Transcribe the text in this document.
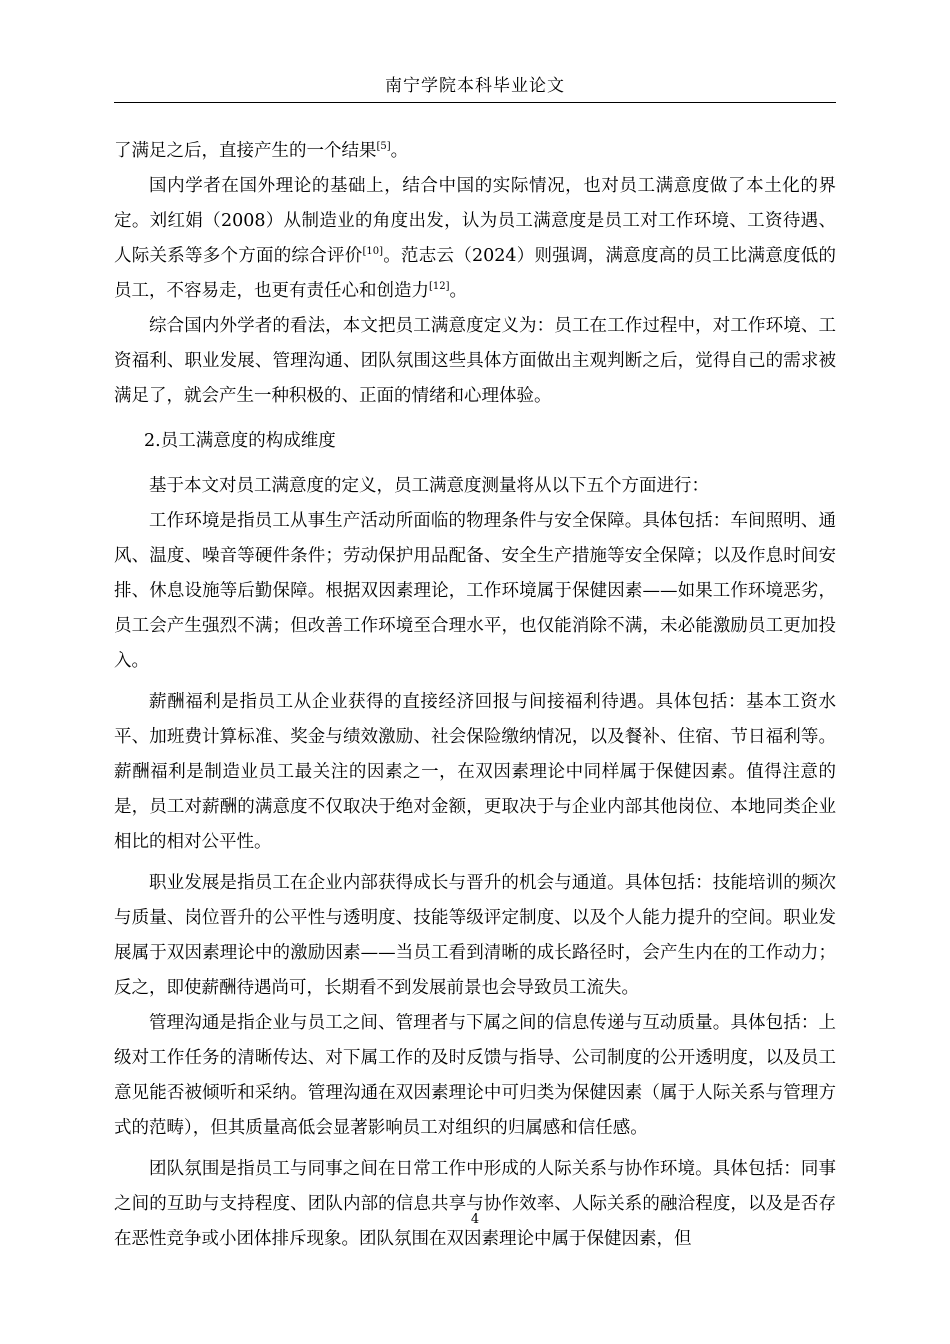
南宁学院本科毕业论文

了满足之后，直接产生的一个结果[5]。

国内学者在国外理论的基础上，结合中国的实际情况，也对员工满意度做了本土化的界定。刘红娟（2008）从制造业的角度出发，认为员工满意度是员工对工作环境、工资待遇、人际关系等多个方面的综合评价[10]。范志云（2024）则强调，满意度高的员工比满意度低的员工，不容易走，也更有责任心和创造力[12]。

综合国内外学者的看法，本文把员工满意度定义为：员工在工作过程中，对工作环境、工资福利、职业发展、管理沟通、团队氛围这些具体方面做出主观判断之后，觉得自己的需求被满足了，就会产生一种积极的、正面的情绪和心理体验。

2.员工满意度的构成维度

基于本文对员工满意度的定义，员工满意度测量将从以下五个方面进行：

工作环境是指员工从事生产活动所面临的物理条件与安全保障。具体包括：车间照明、通风、温度、噪音等硬件条件；劳动保护用品配备、安全生产措施等安全保障；以及作息时间安排、休息设施等后勤保障。根据双因素理论，工作环境属于保健因素——如果工作环境恶劣，员工会产生强烈不满；但改善工作环境至合理水平，也仅能消除不满，未必能激励员工更加投入。

薪酬福利是指员工从企业获得的直接经济回报与间接福利待遇。具体包括：基本工资水平、加班费计算标准、奖金与绩效激励、社会保险缴纳情况，以及餐补、住宿、节日福利等。薪酬福利是制造业员工最关注的因素之一，在双因素理论中同样属于保健因素。值得注意的是，员工对薪酬的满意度不仅取决于绝对金额，更取决于与企业内部其他岗位、本地同类企业相比的相对公平性。

职业发展是指员工在企业内部获得成长与晋升的机会与通道。具体包括：技能培训的频次与质量、岗位晋升的公平性与透明度、技能等级评定制度、以及个人能力提升的空间。职业发展属于双因素理论中的激励因素——当员工看到清晰的成长路径时，会产生内在的工作动力；反之，即使薪酬待遇尚可，长期看不到发展前景也会导致员工流失。

管理沟通是指企业与员工之间、管理者与下属之间的信息传递与互动质量。具体包括：上级对工作任务的清晰传达、对下属工作的及时反馈与指导、公司制度的公开透明度，以及员工意见能否被倾听和采纳。管理沟通在双因素理论中可归类为保健因素（属于人际关系与管理方式的范畴），但其质量高低会显著影响员工对组织的归属感和信任感。

团队氛围是指员工与同事之间在日常工作中形成的人际关系与协作环境。具体包括：同事之间的互助与支持程度、团队内部的信息共享与协作效率、人际关系的融洽程度，以及是否存在恶性竞争或小团体排斥现象。团队氛围在双因素理论中属于保健因素，但

4
